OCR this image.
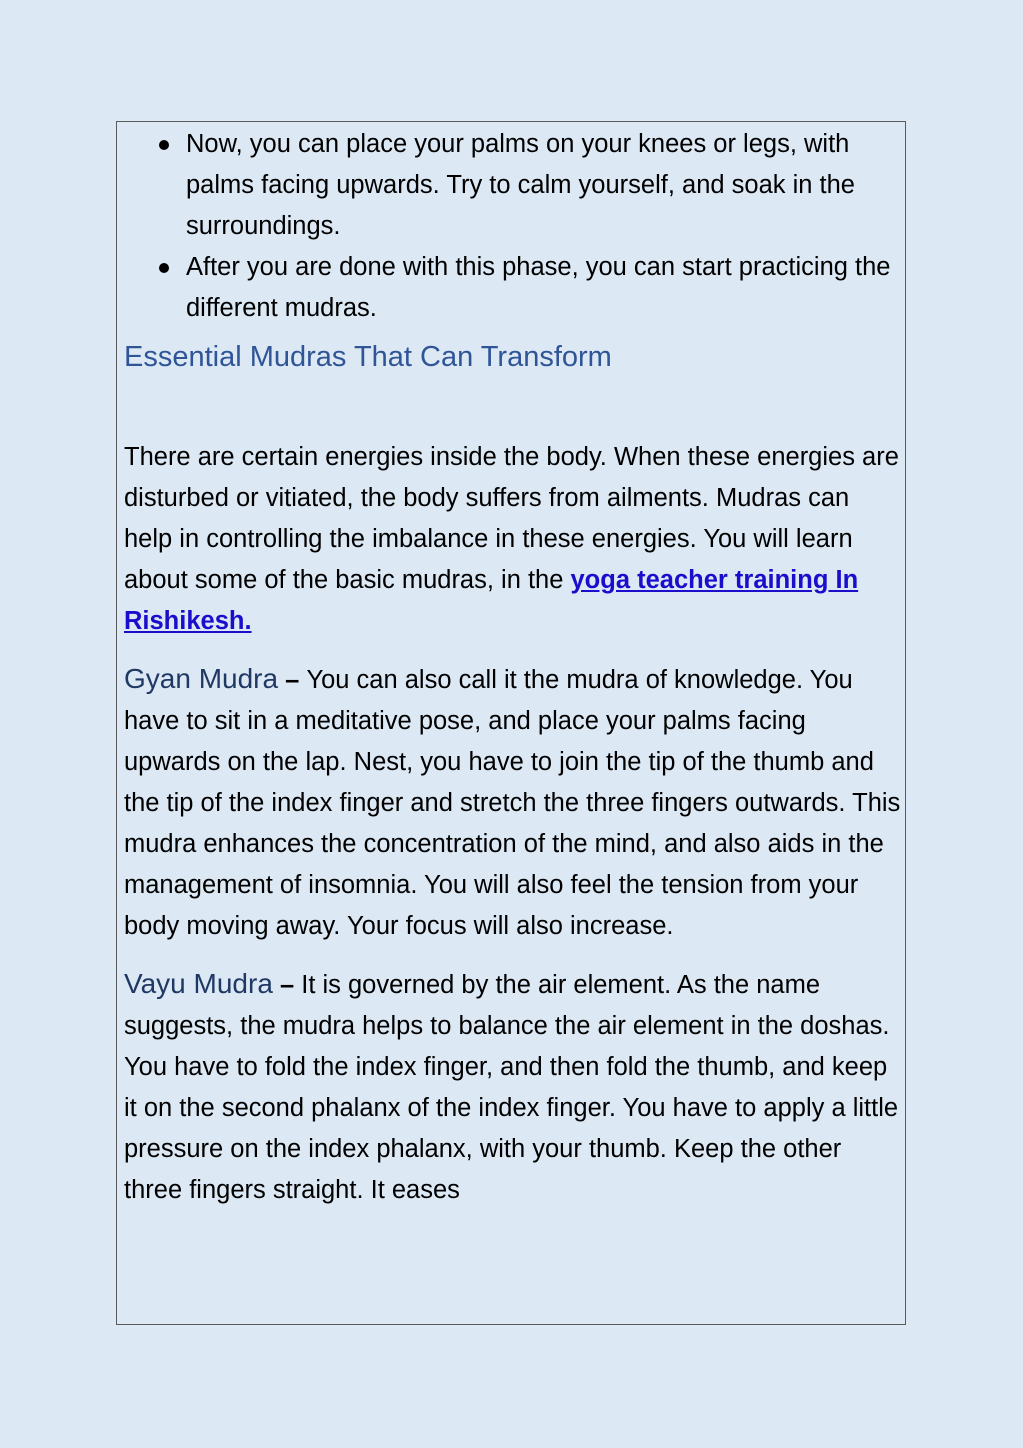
Now, you can place your palms on your knees or legs, with palms facing upwards. Try to calm yourself, and soak in the surroundings.
After you are done with this phase, you can start practicing the different mudras.
Essential Mudras That Can Transform

There are certain energies inside the body. When these energies are disturbed or vitiated, the body suffers from ailments. Mudras can help in controlling the imbalance in these energies. You will learn about some of the basic mudras, in the yoga teacher training In Rishikesh.

Gyan Mudra – You can also call it the mudra of knowledge. You have to sit in a meditative pose, and place your palms facing upwards on the lap. Nest, you have to join the tip of the thumb and the tip of the index finger and stretch the three fingers outwards. This mudra enhances the concentration of the mind, and also aids in the management of insomnia. You will also feel the tension from your body moving away. Your focus will also increase.

Vayu Mudra – It is governed by the air element. As the name suggests, the mudra helps to balance the air element in the doshas. You have to fold the index finger, and then fold the thumb, and keep it on the second phalanx of the index finger. You have to apply a little pressure on the index phalanx, with your thumb. Keep the other three fingers straight. It eases
